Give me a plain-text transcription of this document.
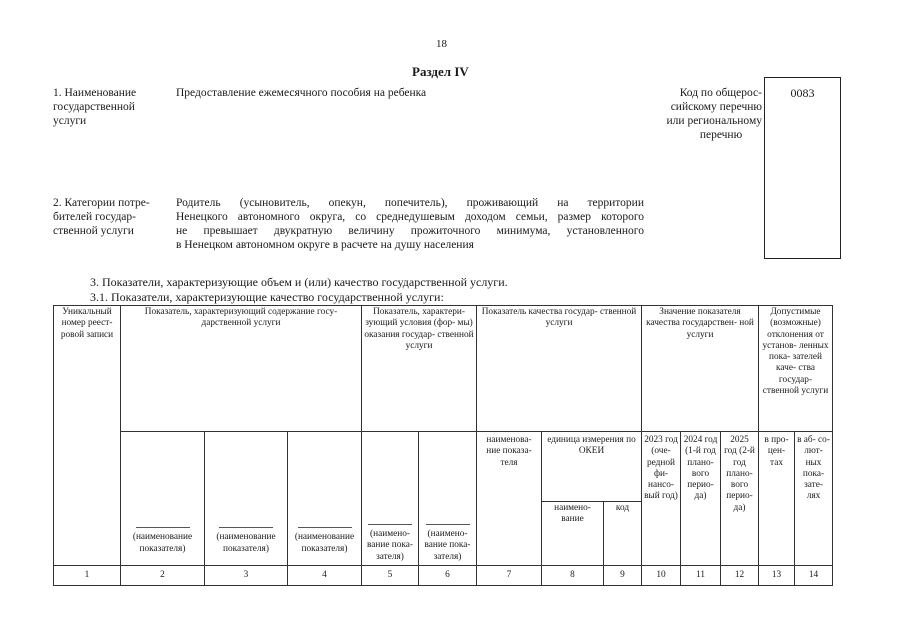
18
Раздел IV
1. Наименование
государственной
услуги
Предоставление ежемесячного пособия на ребенка	Код по общерос-
сийскому перечню
или региональному
перечню
0083
2. Категории потре-
бителей государ-
ственной услуги
Родитель (усыновитель, опекун, попечитель), проживающий на территории
Ненецкого автономного округа, со среднедушевым доходом семьи, размер которого
не превышает двукратную величину прожиточного минимума, установленного
в Ненецком автономном округе в расчете на душу населения
3. Показатели, характеризующие объем и (или) качество государственной услуги.
3.1. Показатели, характеризующие качество государственной услуги:
Уникальный номер реест- ровой записи	Показатель, характеризующий содержание госу- дарственной услуги			Показатель, характери- зующий условия (фор- мы) оказания государ- ственной услуги		Показатель качества государ- ственной услуги			Значение показателя качества государствен- ной услуги			Допустимые (возможные) отклонения от установ- ленных пока- зателей каче- ства государ- ственной услуги	

(наименование показателя)	(наименование показателя)	(наименование показателя)	(наимено- вание пока- зателя)	(наимено- вание пока- зателя)	наименова- ние показа- теля	единица измерения по ОКЕИ		2023 год (оче- редной фи- нансо- вый год)	2024 год (1-й год плано- вого перио- да)	2025 год (2-й год плано- вого перио- да)	в про- цен- тах	в аб- со- лют- ных пока- зате- лях
							наимено- вание	код					
1	2	3	4	5	6	7	8	9	10	11	12	13	14
